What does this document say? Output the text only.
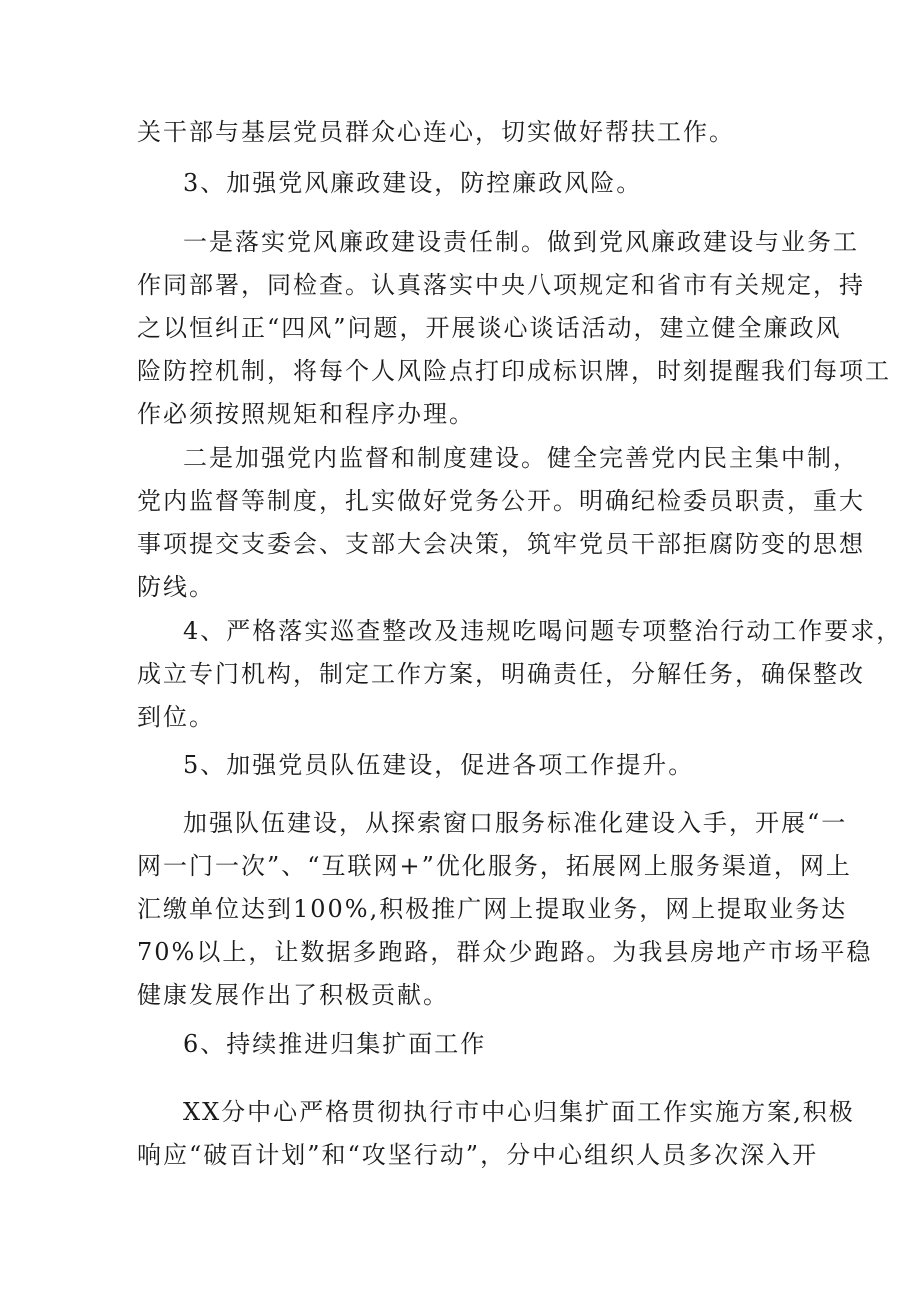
关干部与基层党员群众心连心，切实做好帮扶工作。
3、加强党风廉政建设，防控廉政风险。
一是落实党风廉政建设责任制。做到党风廉政建设与业务工
作同部署，同检查。认真落实中央八项规定和省市有关规定，持
之以恒纠正“四风”问题，开展谈心谈话活动，建立健全廉政风
险防控机制，将每个人风险点打印成标识牌，时刻提醒我们每项工
作必须按照规矩和程序办理。
二是加强党内监督和制度建设。健全完善党内民主集中制，
党内监督等制度，扎实做好党务公开。明确纪检委员职责，重大
事项提交支委会、支部大会决策，筑牢党员干部拒腐防变的思想
防线。
4、严格落实巡查整改及违规吃喝问题专项整治行动工作要求，
成立专门机构，制定工作方案，明确责任，分解任务，确保整改
到位。
5、加强党员队伍建设，促进各项工作提升。
加强队伍建设，从探索窗口服务标准化建设入手，开展“一
网一门一次”、“互联网+”优化服务，拓展网上服务渠道，网上
汇缴单位达到100%,积极推广网上提取业务，网上提取业务达
70%以上，让数据多跑路，群众少跑路。为我县房地产市场平稳
健康发展作出了积极贡献。
6、持续推进归集扩面工作
XX分中心严格贯彻执行市中心归集扩面工作实施方案,积极
响应“破百计划”和“攻坚行动”，分中心组织人员多次深入开
